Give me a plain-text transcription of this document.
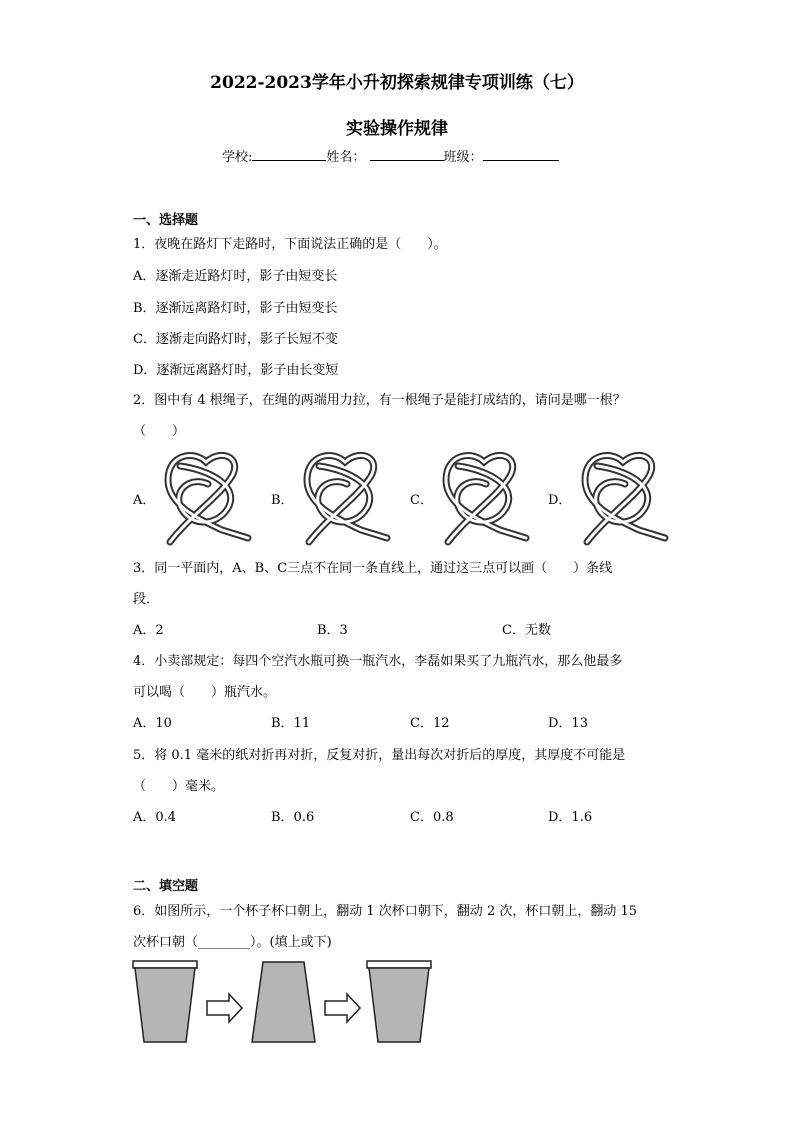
2022-2023学年小升初探索规律专项训练（七）
实验操作规律
学校:	姓名：	班级：
一、选择题
1．夜晚在路灯下走路时，下面说法正确的是（　　）。
A．逐渐走近路灯时，影子由短变长
B．逐渐远离路灯时，影子由短变长
C．逐渐走向路灯时，影子长短不变
D．逐渐远离路灯时，影子由长变短
2．图中有 4 根绳子，在绳的两端用力拉，有一根绳子是能打成结的，请问是哪一根？
（　　）
A．	B．	C．	D．
3．同一平面内，A、B、C三点不在同一条直线上，通过这三点可以画（　　）条线
段．
A．2	B．3	C．无数
4．小卖部规定：每四个空汽水瓶可换一瓶汽水，李磊如果买了九瓶汽水，那么他最多
可以喝（　　）瓶汽水。
A．10	B．11	C．12	D．13
5．将 0.1 毫米的纸对折再对折，反复对折，量出每次对折后的厚度，其厚度不可能是
（　　）毫米。
A．0.4	B．0.6	C．0.8	D．1.6
二、填空题
6．如图所示，一个杯子杯口朝上，翻动 1 次杯口朝下，翻动 2 次，杯口朝上，翻动 15
次杯口朝（________）。(填上或下)
